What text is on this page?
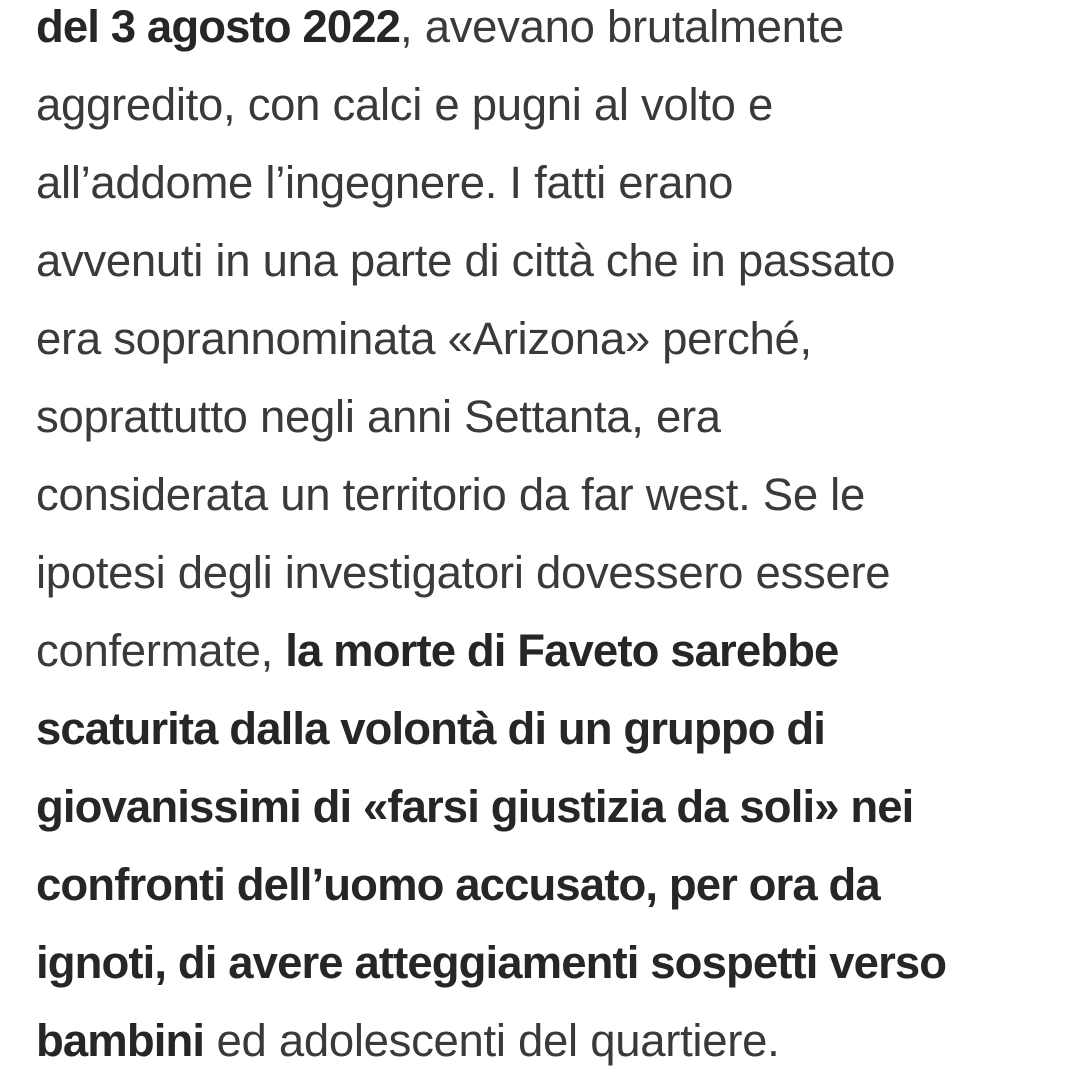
del 3 agosto 2022, avevano brutalmente
aggredito, con calci e pugni al volto e
all’addome l’ingegnere. I fatti erano
avvenuti in una parte di città che in passato
era soprannominata «Arizona» perché,
soprattutto negli anni Settanta, era
considerata un territorio da far west. Se le
ipotesi degli investigatori dovessero essere
confermate, la morte di Faveto sarebbe
scaturita dalla volontà di un gruppo di
giovanissimi di «farsi giustizia da soli» nei
confronti dell’uomo accusato, per ora da
ignoti, di avere atteggiamenti sospetti verso
bambini ed adolescenti del quartiere.
